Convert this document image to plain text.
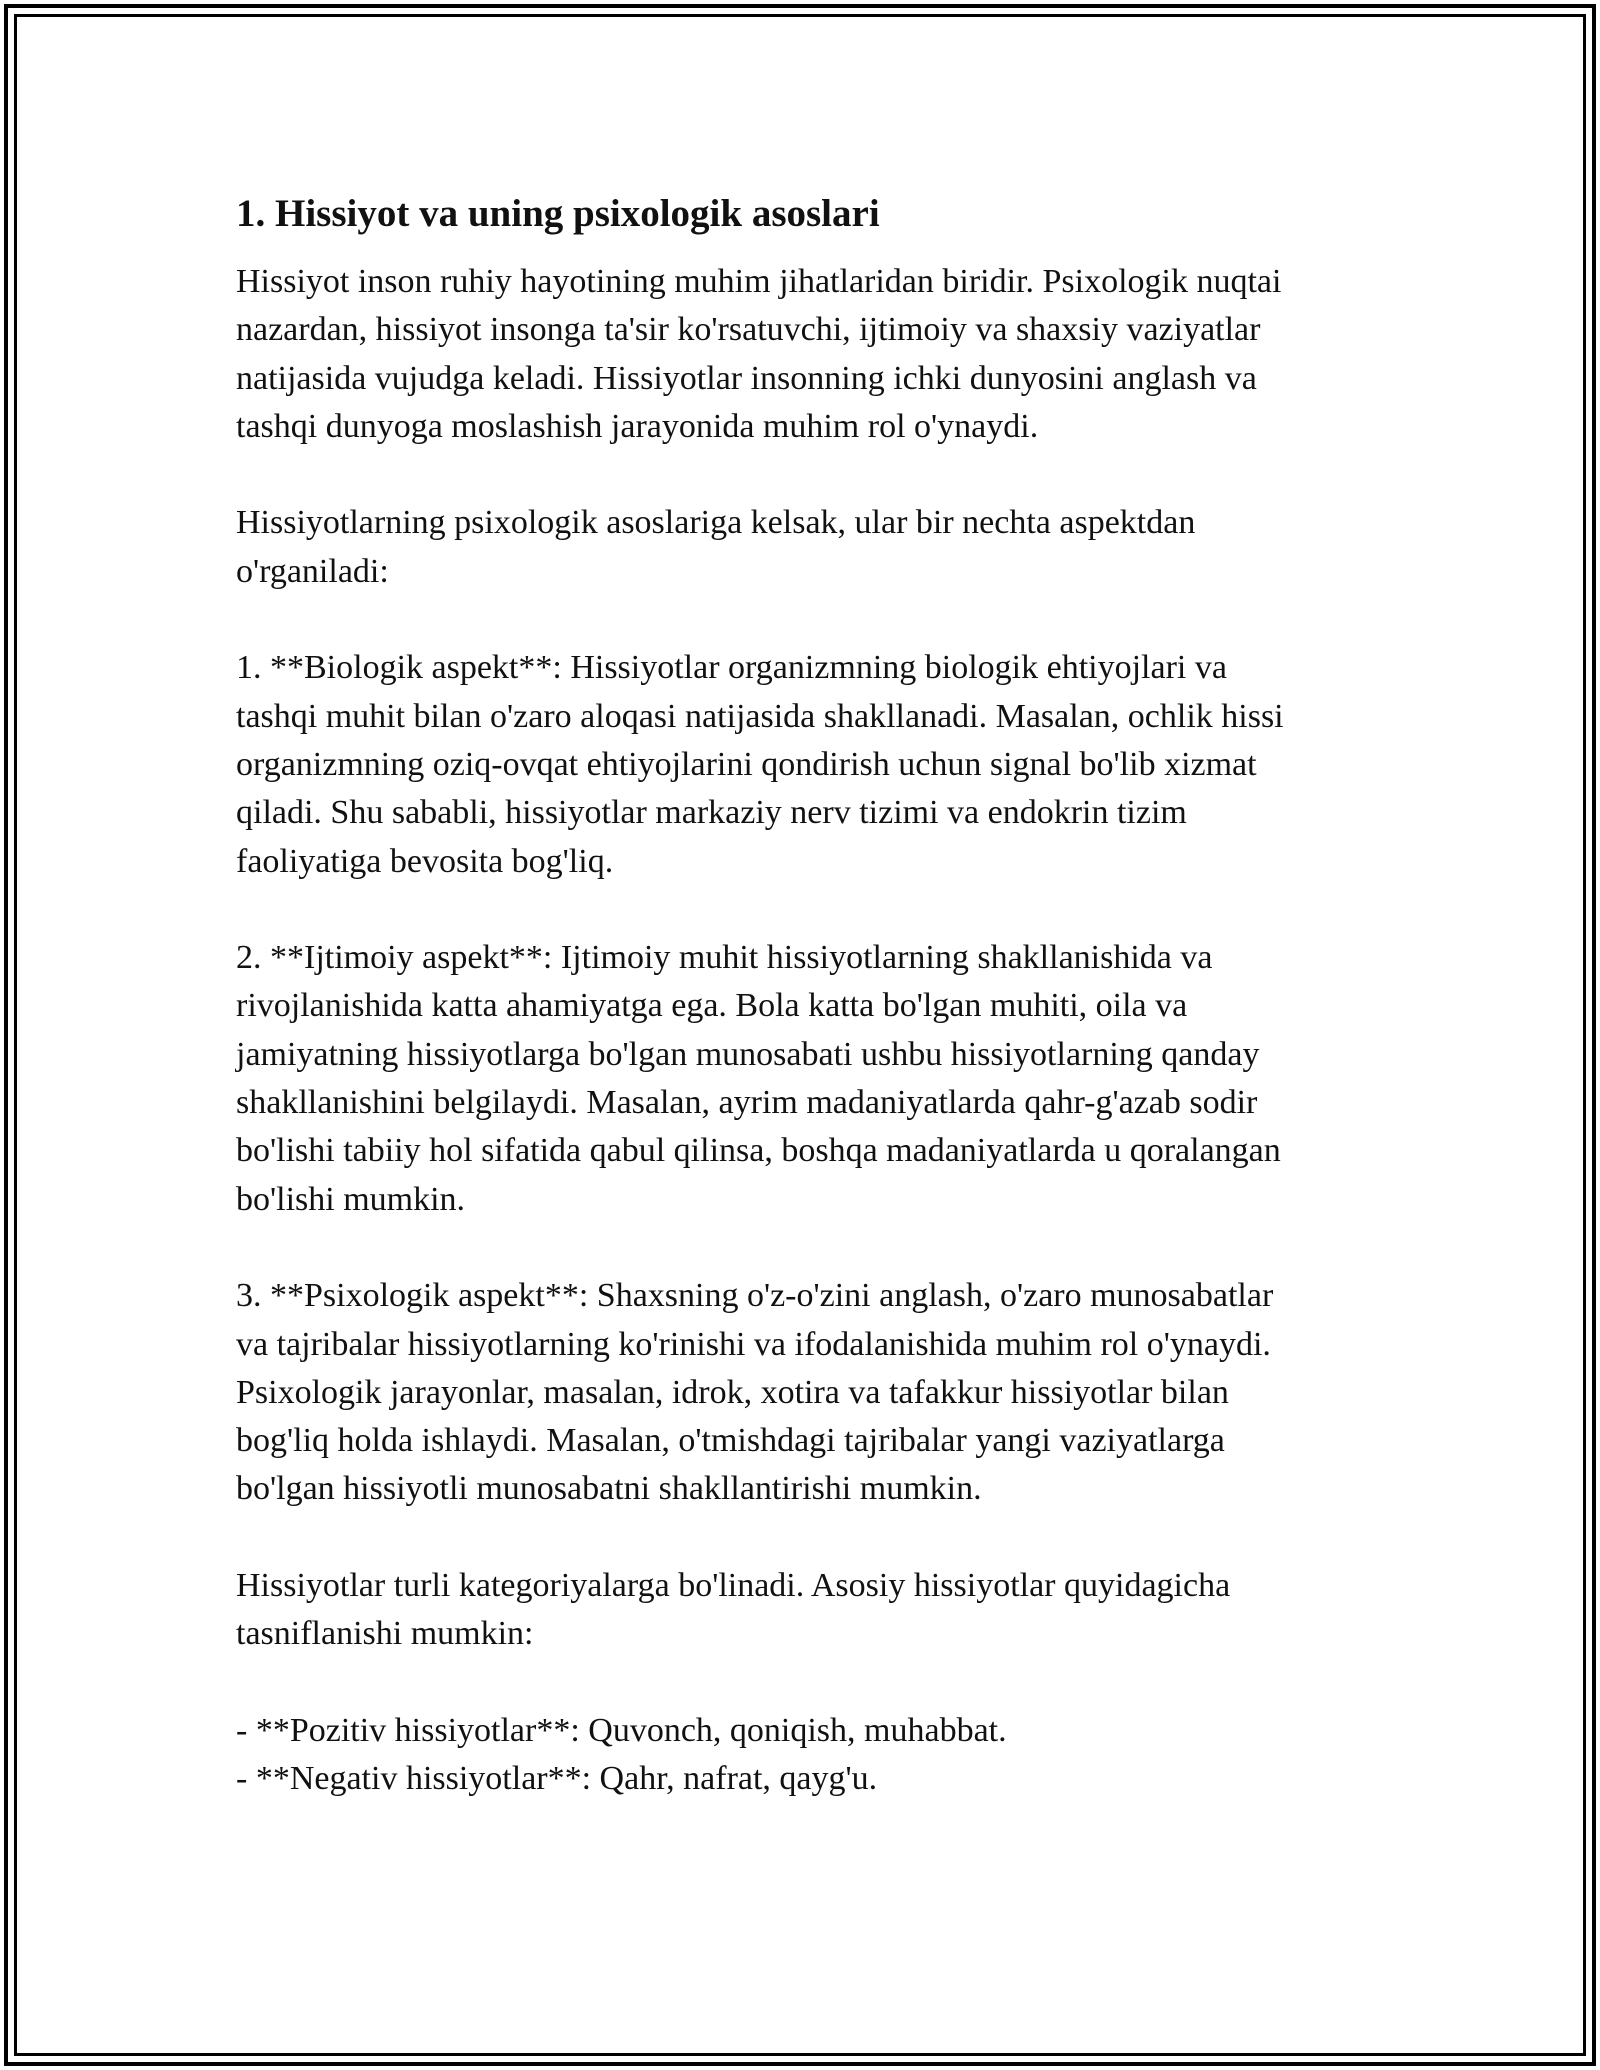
1. Hissiyot va uning psixologik asoslari
Hissiyot inson ruhiy hayotining muhim jihatlaridan biridir. Psixologik nuqtai
nazardan, hissiyot insonga ta'sir ko'rsatuvchi, ijtimoiy va shaxsiy vaziyatlar
natijasida vujudga keladi. Hissiyotlar insonning ichki dunyosini anglash va
tashqi dunyoga moslashish jarayonida muhim rol o'ynaydi.
Hissiyotlarning psixologik asoslariga kelsak, ular bir nechta aspektdan
o'rganiladi:
1. **Biologik aspekt**: Hissiyotlar organizmning biologik ehtiyojlari va
tashqi muhit bilan o'zaro aloqasi natijasida shakllanadi. Masalan, ochlik hissi
organizmning oziq-ovqat ehtiyojlarini qondirish uchun signal bo'lib xizmat
qiladi. Shu sababli, hissiyotlar markaziy nerv tizimi va endokrin tizim
faoliyatiga bevosita bog'liq.
2. **Ijtimoiy aspekt**: Ijtimoiy muhit hissiyotlarning shakllanishida va
rivojlanishida katta ahamiyatga ega. Bola katta bo'lgan muhiti, oila va
jamiyatning hissiyotlarga bo'lgan munosabati ushbu hissiyotlarning qanday
shakllanishini belgilaydi. Masalan, ayrim madaniyatlarda qahr-g'azab sodir
bo'lishi tabiiy hol sifatida qabul qilinsa, boshqa madaniyatlarda u qoralangan
bo'lishi mumkin.
3. **Psixologik aspekt**: Shaxsning o'z-o'zini anglash, o'zaro munosabatlar
va tajribalar hissiyotlarning ko'rinishi va ifodalanishida muhim rol o'ynaydi.
Psixologik jarayonlar, masalan, idrok, xotira va tafakkur hissiyotlar bilan
bog'liq holda ishlaydi. Masalan, o'tmishdagi tajribalar yangi vaziyatlarga
bo'lgan hissiyotli munosabatni shakllantirishi mumkin.
Hissiyotlar turli kategoriyalarga bo'linadi. Asosiy hissiyotlar quyidagicha
tasniflanishi mumkin:
- **Pozitiv hissiyotlar**: Quvonch, qoniqish, muhabbat.
- **Negativ hissiyotlar**: Qahr, nafrat, qayg'u.
